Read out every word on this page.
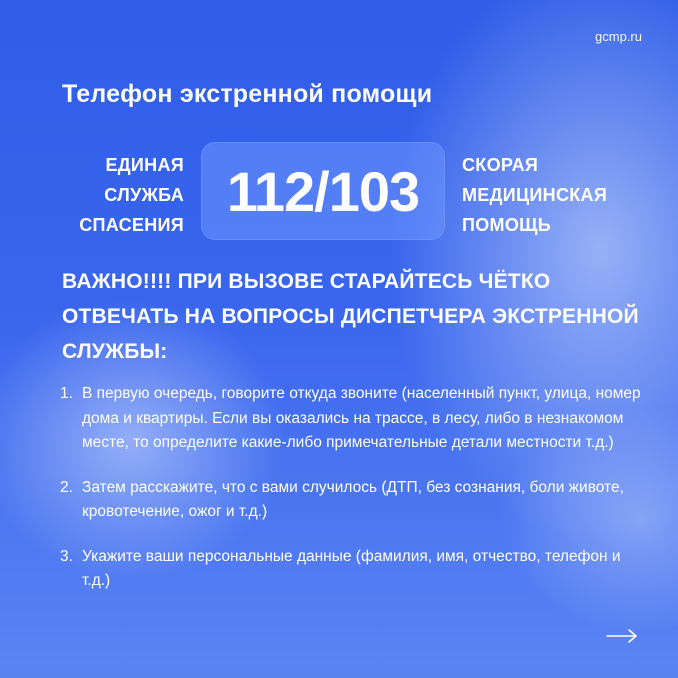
gcmp.ru
Телефон экстренной помощи
ЕДИНАЯ
СЛУЖБА
СПАСЕНИЯ
112/103	СКОРАЯ
МЕДИЦИНСКАЯ
ПОМОЩЬ

ВАЖНО!!!! ПРИ ВЫЗОВЕ СТАРАЙТЕСЬ ЧЁТКО ОТВЕЧАТЬ НА ВОПРОСЫ ДИСПЕТЧЕРА ЭКСТРЕННОЙ СЛУЖБЫ:

1. В первую очередь, говорите откуда звоните (населенный пункт, улица, номер дома и квартиры. Если вы оказались на трассе, в лесу, либо в незнакомом месте, то определите какие-либо примечательные детали местности т.д.)
2. Затем расскажите, что с вами случилось (ДТП, без сознания, боли животе, кровотечение, ожог и т.д.)
3. Укажите ваши персональные данные (фамилия, имя, отчество, телефон и т.д.)
